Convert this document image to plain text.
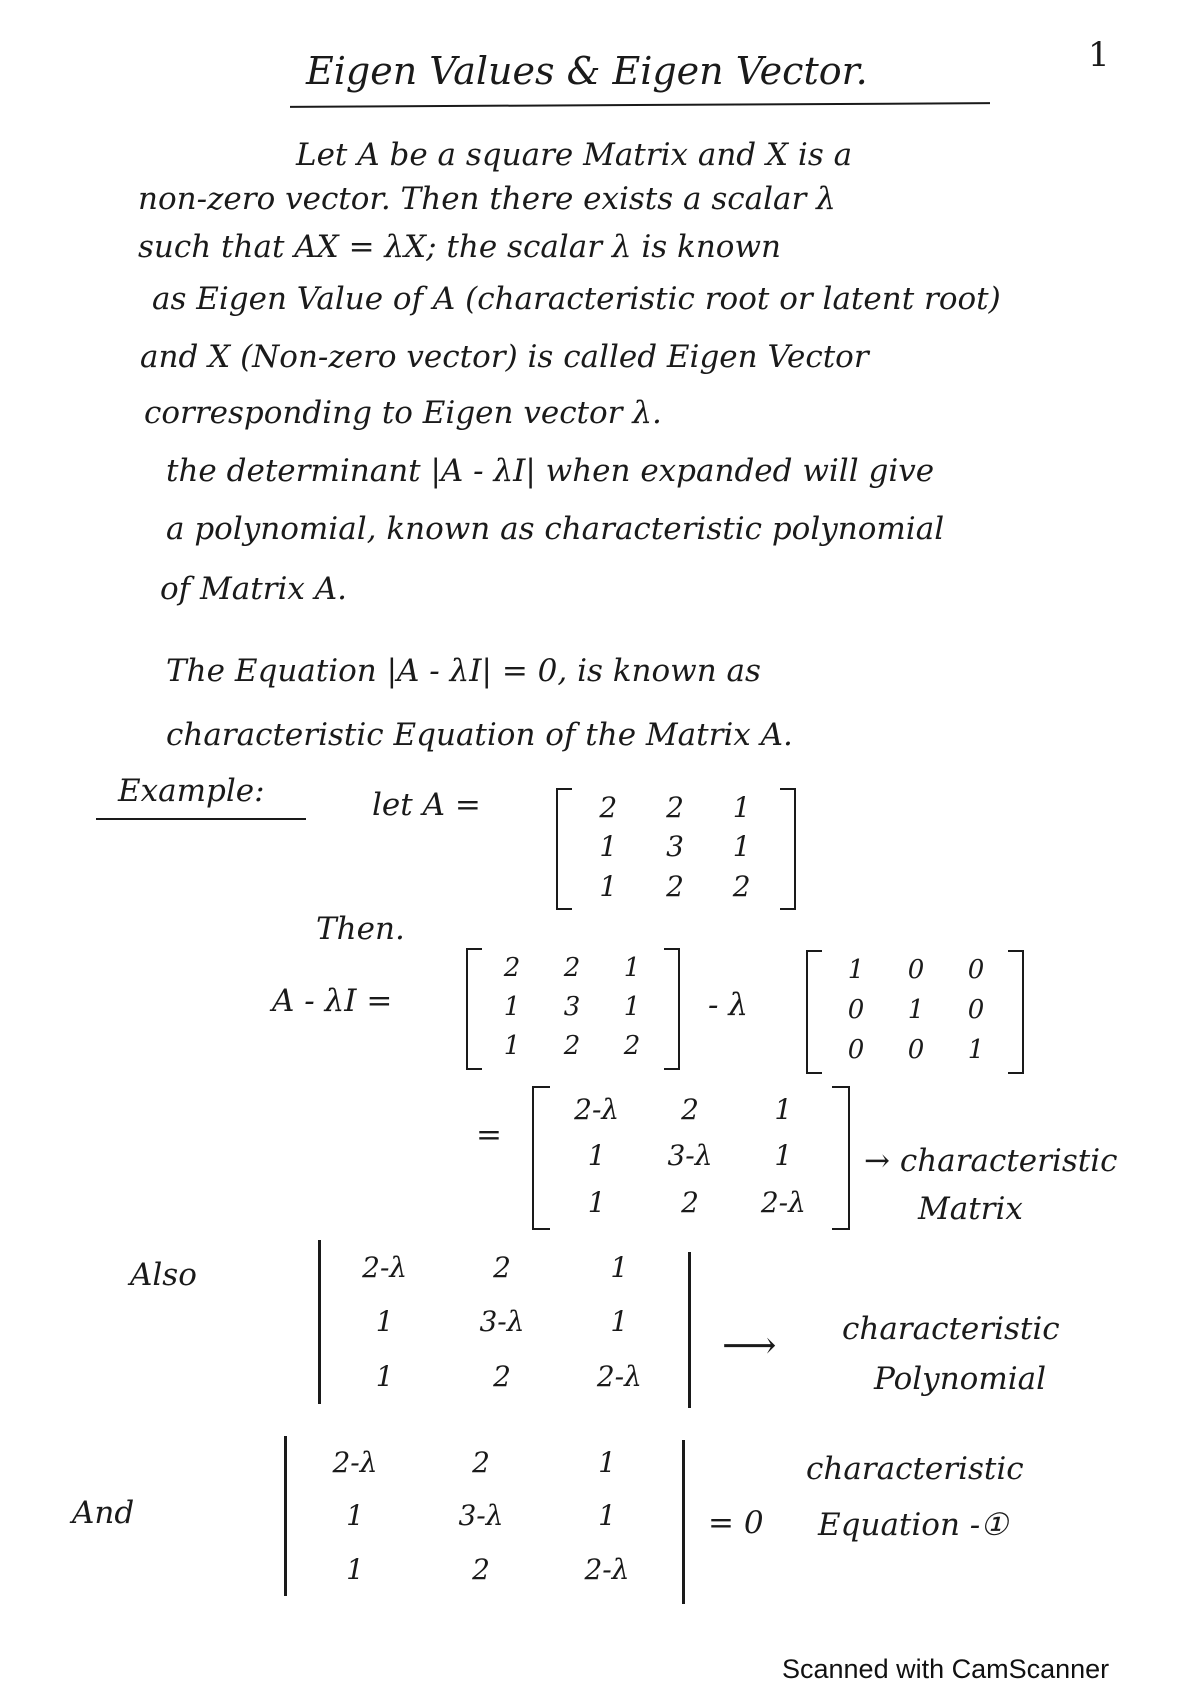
1
Eigen Values & Eigen Vector.
Let A be a square Matrix and X is a
non-zero vector. Then there exists a scalar λ
such that AX = λX; the scalar λ is known
as Eigen Value of A (characteristic root or latent root)
and X (Non-zero vector) is called Eigen Vector
corresponding to Eigen vector λ.
the determinant |A - λI| when expanded will give
a polynomial, known as characteristic polynomial
of Matrix A.
The Equation |A - λI| = 0, is known as
characteristic Equation of the Matrix A.
Example:	let A =	2	2	1
1	3	1
1	2	2
Then.
A - λI =
2	2	1
1	3	1
1	2	2
- λ
1	0	0
0	1	0
0	0	1
=
2-λ	2	1
1	3-λ	1
1	2	2-λ
→ characteristic
Matrix
Also	2-λ	2	1
1	3-λ	1
1	2	2-λ
⟶ characteristic
Polynomial
And
2-λ	2	1
1	3-λ	1
1	2	2-λ
= 0
characteristic
Equation -①
Scanned with CamScanner
